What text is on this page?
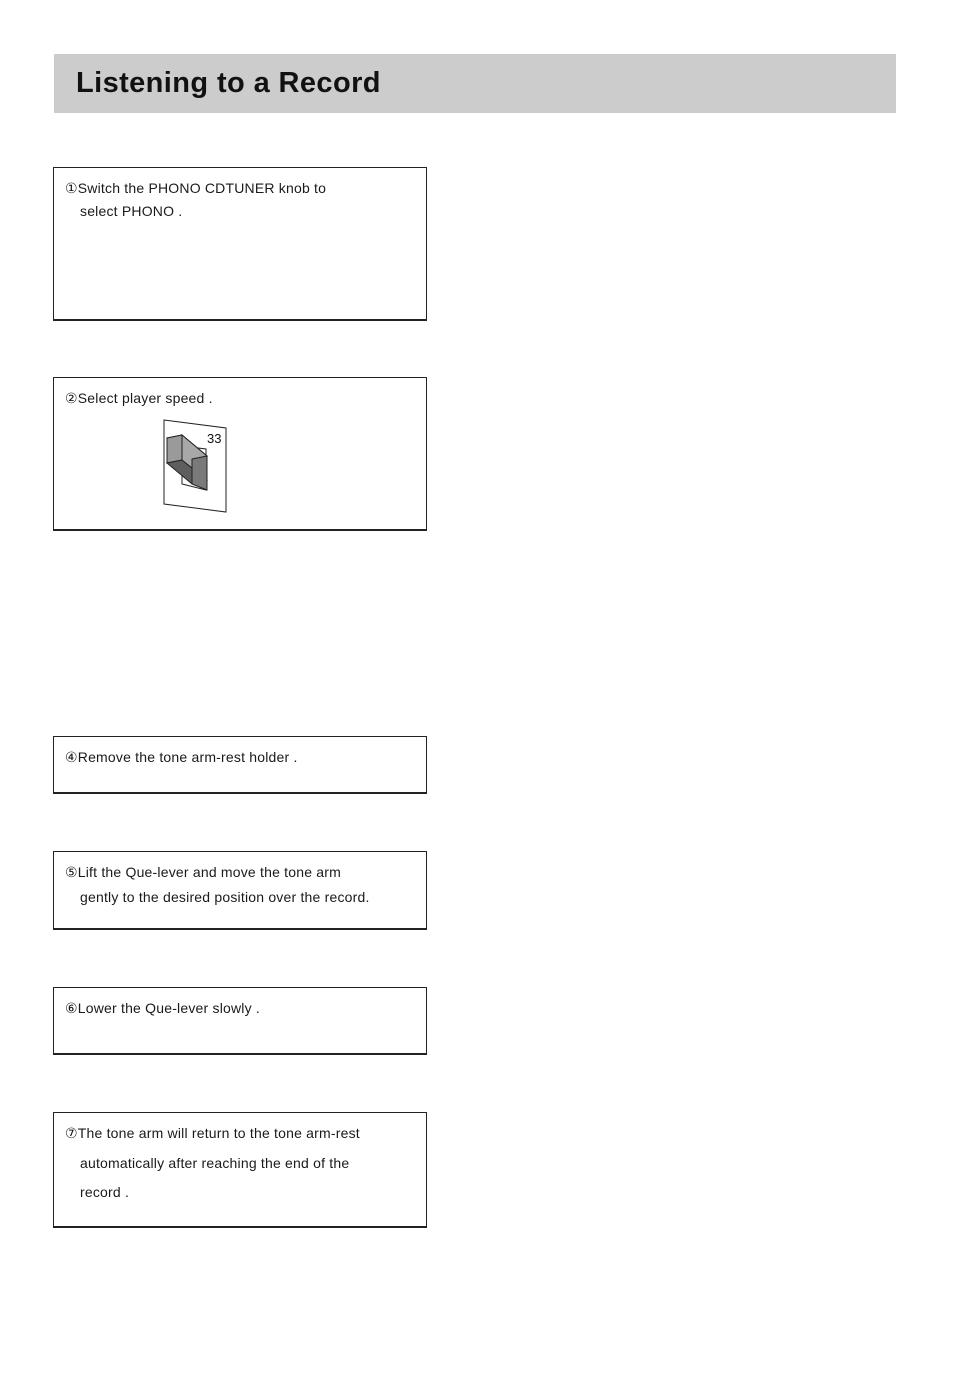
Listening to a Record
①Switch the PHONO CDTUNER knob to
select PHONO .
②Select player speed .
33
④Remove the tone arm-rest holder .
⑤Lift the Que-lever and move the tone arm
gently to the desired position over the record.
⑥Lower the Que-lever slowly .
⑦The tone arm will return to the tone arm-rest
automatically after reaching the end of the
record .
